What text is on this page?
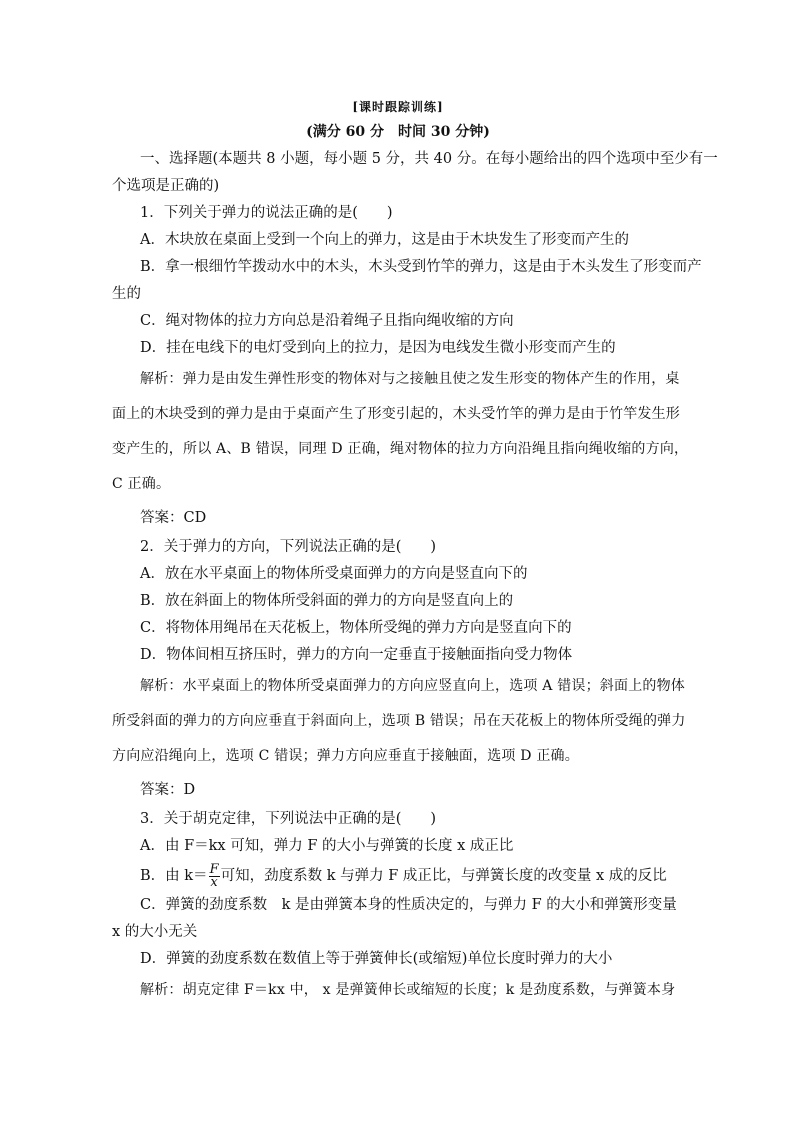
[课时跟踪训练]
(满分 60 分　时间 30 分钟)
一、选择题(本题共 8 小题，每小题 5 分，共 40 分。在每小题给出的四个选项中至少有一
个选项是正确的)
1．下列关于弹力的说法正确的是(　　)
A．木块放在桌面上受到一个向上的弹力，这是由于木块发生了形变而产生的
B．拿一根细竹竿拨动水中的木头，木头受到竹竿的弹力，这是由于木头发生了形变而产
生的
C．绳对物体的拉力方向总是沿着绳子且指向绳收缩的方向
D．挂在电线下的电灯受到向上的拉力，是因为电线发生微小形变而产生的
解析：弹力是由发生弹性形变的物体对与之接触且使之发生形变的物体产生的作用，桌
面上的木块受到的弹力是由于桌面产生了形变引起的，木头受竹竿的弹力是由于竹竿发生形
变产生的，所以 A、B 错误，同理 D 正确，绳对物体的拉力方向沿绳且指向绳收缩的方向，
C 正确。
答案：CD
2．关于弹力的方向，下列说法正确的是(　　)
A．放在水平桌面上的物体所受桌面弹力的方向是竖直向下的
B．放在斜面上的物体所受斜面的弹力的方向是竖直向上的
C．将物体用绳吊在天花板上，物体所受绳的弹力方向是竖直向下的
D．物体间相互挤压时，弹力的方向一定垂直于接触面指向受力物体
解析：水平桌面上的物体所受桌面弹力的方向应竖直向上，选项 A 错误；斜面上的物体
所受斜面的弹力的方向应垂直于斜面向上，选项 B 错误；吊在天花板上的物体所受绳的弹力
方向应沿绳向上，选项 C 错误；弹力方向应垂直于接触面，选项 D 正确。
答案：D
3．关于胡克定律，下列说法中正确的是(　　)
A．由 F＝kx 可知，弹力 F 的大小与弹簧的长度 x 成正比
B．由 $k= \frac{F}{x}$ 可知，劲度系数 k 与弹力 F 成正比，与弹簧长度的改变量 x 成的反比
C．弹簧的劲度系数　k 是由弹簧本身的性质决定的，与弹力 F 的大小和弹簧形变量
x 的大小无关
D．弹簧的劲度系数在数值上等于弹簧伸长(或缩短)单位长度时弹力的大小
解析：胡克定律 F＝kx 中， x 是弹簧伸长或缩短的长度；k 是劲度系数，与弹簧本身
